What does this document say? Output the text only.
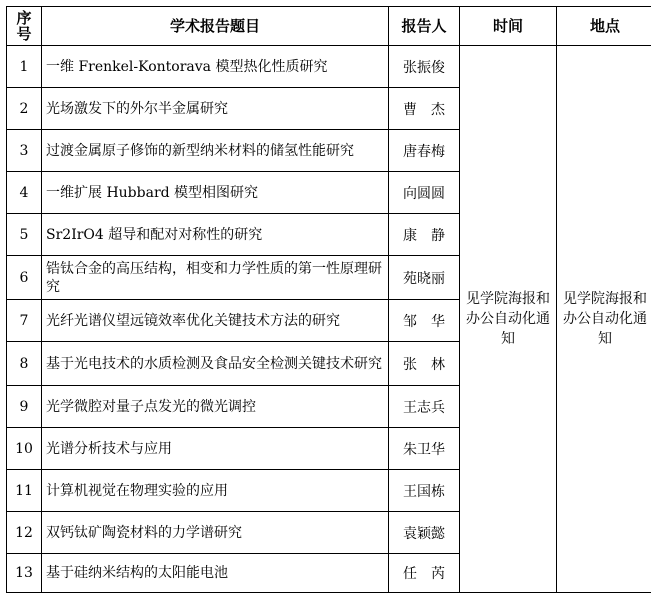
序号	学术报告题目	报告人	时间	地点
1	一维 Frenkel-Kontorava 模型热化性质研究	张振俊	见学院海报和办公自动化通知	见学院海报和办公自动化通知
2	光场激发下的外尔半金属研究	曹　杰		
3	过渡金属原子修饰的新型纳米材料的储氢性能研究	唐春梅		
4	一维扩展 Hubbard 模型相图研究	向圆圆		
5	Sr2IrO4 超导和配对对称性的研究	康　静		
6	锆钛合金的高压结构，相变和力学性质的第一性原理研究	苑晓丽		
7	光纤光谱仪望远镜效率优化关键技术方法的研究	邹　华		
8	基于光电技术的水质检测及食品安全检测关键技术研究	张　林		
9	光学微腔对量子点发光的微光调控	王志兵		
10	光谱分析技术与应用	朱卫华		
11	计算机视觉在物理实验的应用	王国栋		
12	双钙钛矿陶瓷材料的力学谱研究	袁颖懿		
13	基于硅纳米结构的太阳能电池	任　芮		
